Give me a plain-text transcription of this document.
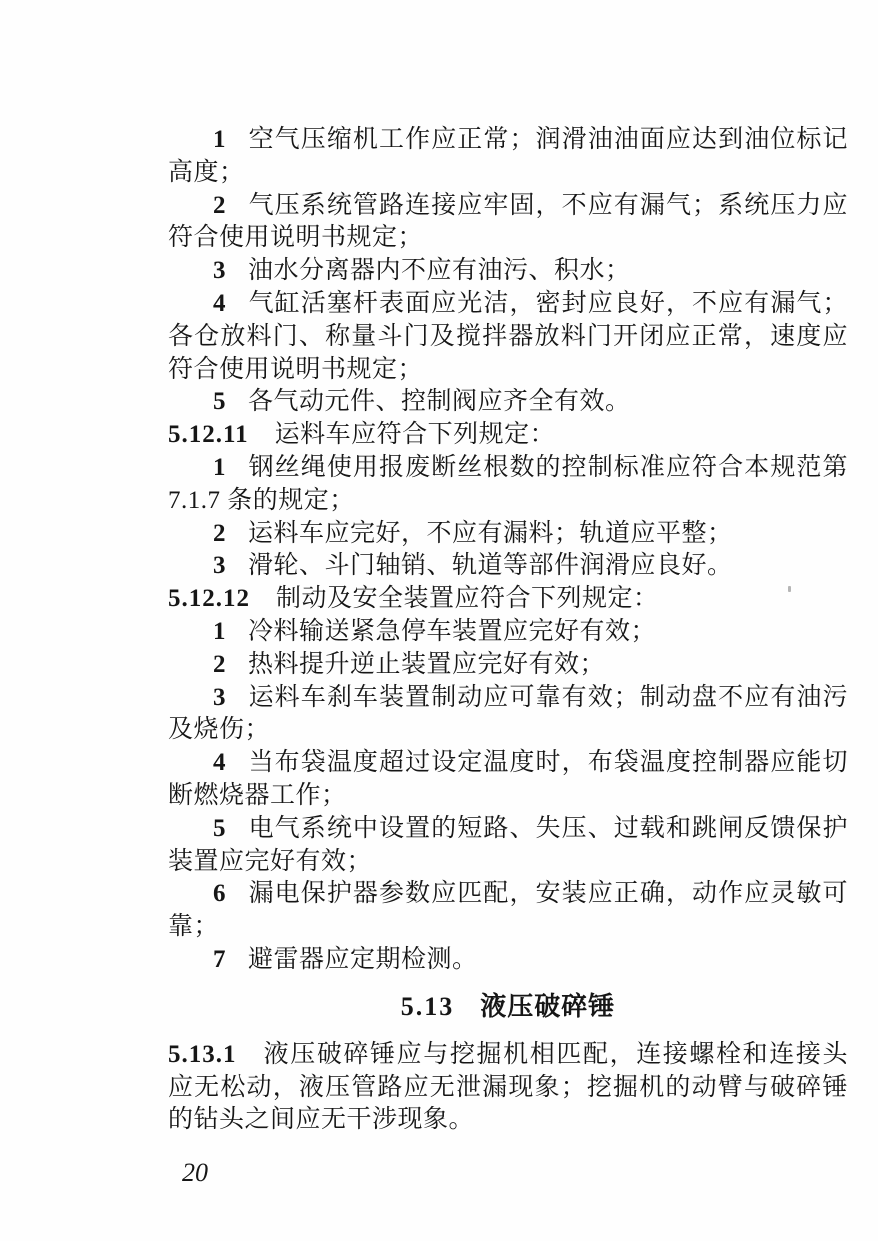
1 空气压缩机工作应正常；润滑油油面应达到油位标记高度；

2 气压系统管路连接应牢固，不应有漏气；系统压力应符合使用说明书规定；

3 油水分离器内不应有油污、积水；

4 气缸活塞杆表面应光洁，密封应良好，不应有漏气；各仓放料门、称量斗门及搅拌器放料门开闭应正常，速度应符合使用说明书规定；

5 各气动元件、控制阀应齐全有效。

5.12.11 运料车应符合下列规定：

1 钢丝绳使用报废断丝根数的控制标准应符合本规范第7.1.7 条的规定；

2 运料车应完好，不应有漏料；轨道应平整；

3 滑轮、斗门轴销、轨道等部件润滑应良好。

5.12.12 制动及安全装置应符合下列规定：

1 冷料输送紧急停车装置应完好有效；

2 热料提升逆止装置应完好有效；

3 运料车刹车装置制动应可靠有效；制动盘不应有油污及烧伤；

4 当布袋温度超过设定温度时，布袋温度控制器应能切断燃烧器工作；

5 电气系统中设置的短路、失压、过载和跳闸反馈保护装置应完好有效；

6 漏电保护器参数应匹配，安装应正确，动作应灵敏可靠；

7 避雷器应定期检测。

5.13 液压破碎锤

5.13.1 液压破碎锤应与挖掘机相匹配，连接螺栓和连接头应无松动，液压管路应无泄漏现象；挖掘机的动臂与破碎锤的钻头之间应无干涉现象。

20
